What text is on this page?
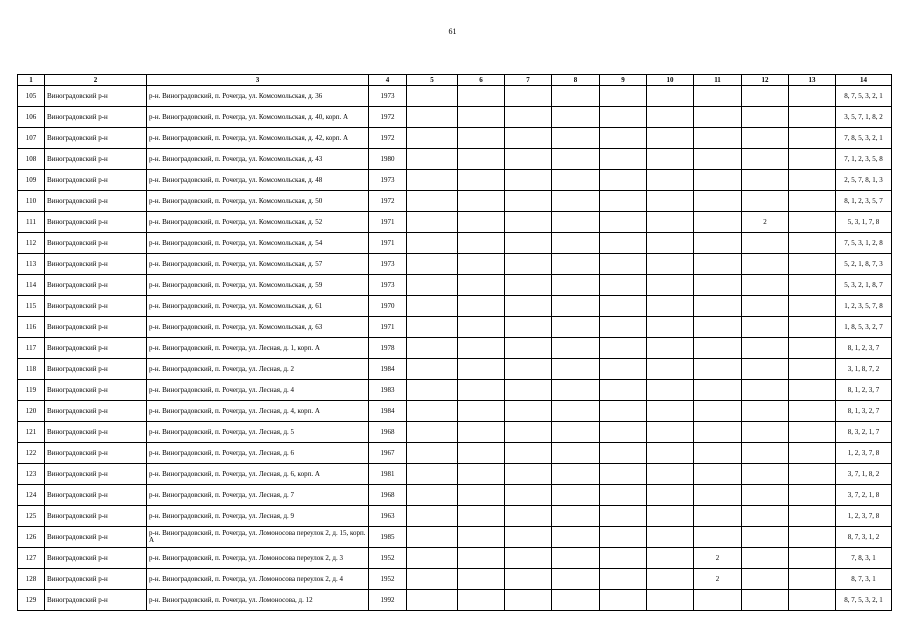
61
1	2	3	4	5	6	7	8	9	10	11	12	13	14
105	Виноградовский р-н	р-н. Виноградовский, п. Рочегда, ул. Комсомольская, д. 36	1973										8, 7, 5, 3, 2, 1
106	Виноградовский р-н	р-н. Виноградовский, п. Рочегда, ул. Комсомольская, д. 40, корп. А	1972										3, 5, 7, 1, 8, 2
107	Виноградовский р-н	р-н. Виноградовский, п. Рочегда, ул. Комсомольская, д. 42, корп. А	1972										7, 8, 5, 3, 2, 1
108	Виноградовский р-н	р-н. Виноградовский, п. Рочегда, ул. Комсомольская, д. 43	1980										7, 1, 2, 3, 5, 8
109	Виноградовский р-н	р-н. Виноградовский, п. Рочегда, ул. Комсомольская, д. 48	1973										2, 5, 7, 8, 1, 3
110	Виноградовский р-н	р-н. Виноградовский, п. Рочегда, ул. Комсомольская, д. 50	1972										8, 1, 2, 3, 5, 7
111	Виноградовский р-н	р-н. Виноградовский, п. Рочегда, ул. Комсомольская, д. 52	1971								2		5, 3, 1, 7, 8
112	Виноградовский р-н	р-н. Виноградовский, п. Рочегда, ул. Комсомольская, д. 54	1971										7, 5, 3, 1, 2, 8
113	Виноградовский р-н	р-н. Виноградовский, п. Рочегда, ул. Комсомольская, д. 57	1973										5, 2, 1, 8, 7, 3
114	Виноградовский р-н	р-н. Виноградовский, п. Рочегда, ул. Комсомольская, д. 59	1973										5, 3, 2, 1, 8, 7
115	Виноградовский р-н	р-н. Виноградовский, п. Рочегда, ул. Комсомольская, д. 61	1970										1, 2, 3, 5, 7, 8
116	Виноградовский р-н	р-н. Виноградовский, п. Рочегда, ул. Комсомольская, д. 63	1971										1, 8, 5, 3, 2, 7
117	Виноградовский р-н	р-н. Виноградовский, п. Рочегда, ул. Лесная, д. 1, корп. А	1978										8, 1, 2, 3, 7
118	Виноградовский р-н	р-н. Виноградовский, п. Рочегда, ул. Лесная, д. 2	1984										3, 1, 8, 7, 2
119	Виноградовский р-н	р-н. Виноградовский, п. Рочегда, ул. Лесная, д. 4	1983										8, 1, 2, 3, 7
120	Виноградовский р-н	р-н. Виноградовский, п. Рочегда, ул. Лесная, д. 4, корп. А	1984										8, 1, 3, 2, 7
121	Виноградовский р-н	р-н. Виноградовский, п. Рочегда, ул. Лесная, д. 5	1968										8, 3, 2, 1, 7
122	Виноградовский р-н	р-н. Виноградовский, п. Рочегда, ул. Лесная, д. 6	1967										1, 2, 3, 7, 8
123	Виноградовский р-н	р-н. Виноградовский, п. Рочегда, ул. Лесная, д. 6, корп. А	1981										3, 7, 1, 8, 2
124	Виноградовский р-н	р-н. Виноградовский, п. Рочегда, ул. Лесная, д. 7	1968										3, 7, 2, 1, 8
125	Виноградовский р-н	р-н. Виноградовский, п. Рочегда, ул. Лесная, д. 9	1963										1, 2, 3, 7, 8
126	Виноградовский р-н	р-н. Виноградовский, п. Рочегда, ул. Ломоносова переулок 2, д. 15, корп. А	1985										8, 7, 3, 1, 2
127	Виноградовский р-н	р-н. Виноградовский, п. Рочегда, ул. Ломоносова переулок 2, д. 3	1952							2			7, 8, 3, 1
128	Виноградовский р-н	р-н. Виноградовский, п. Рочегда, ул. Ломоносова переулок 2, д. 4	1952							2			8, 7, 3, 1
129	Виноградовский р-н	р-н. Виноградовский, п. Рочегда, ул. Ломоносова, д. 12	1992										8, 7, 5, 3, 2, 1
